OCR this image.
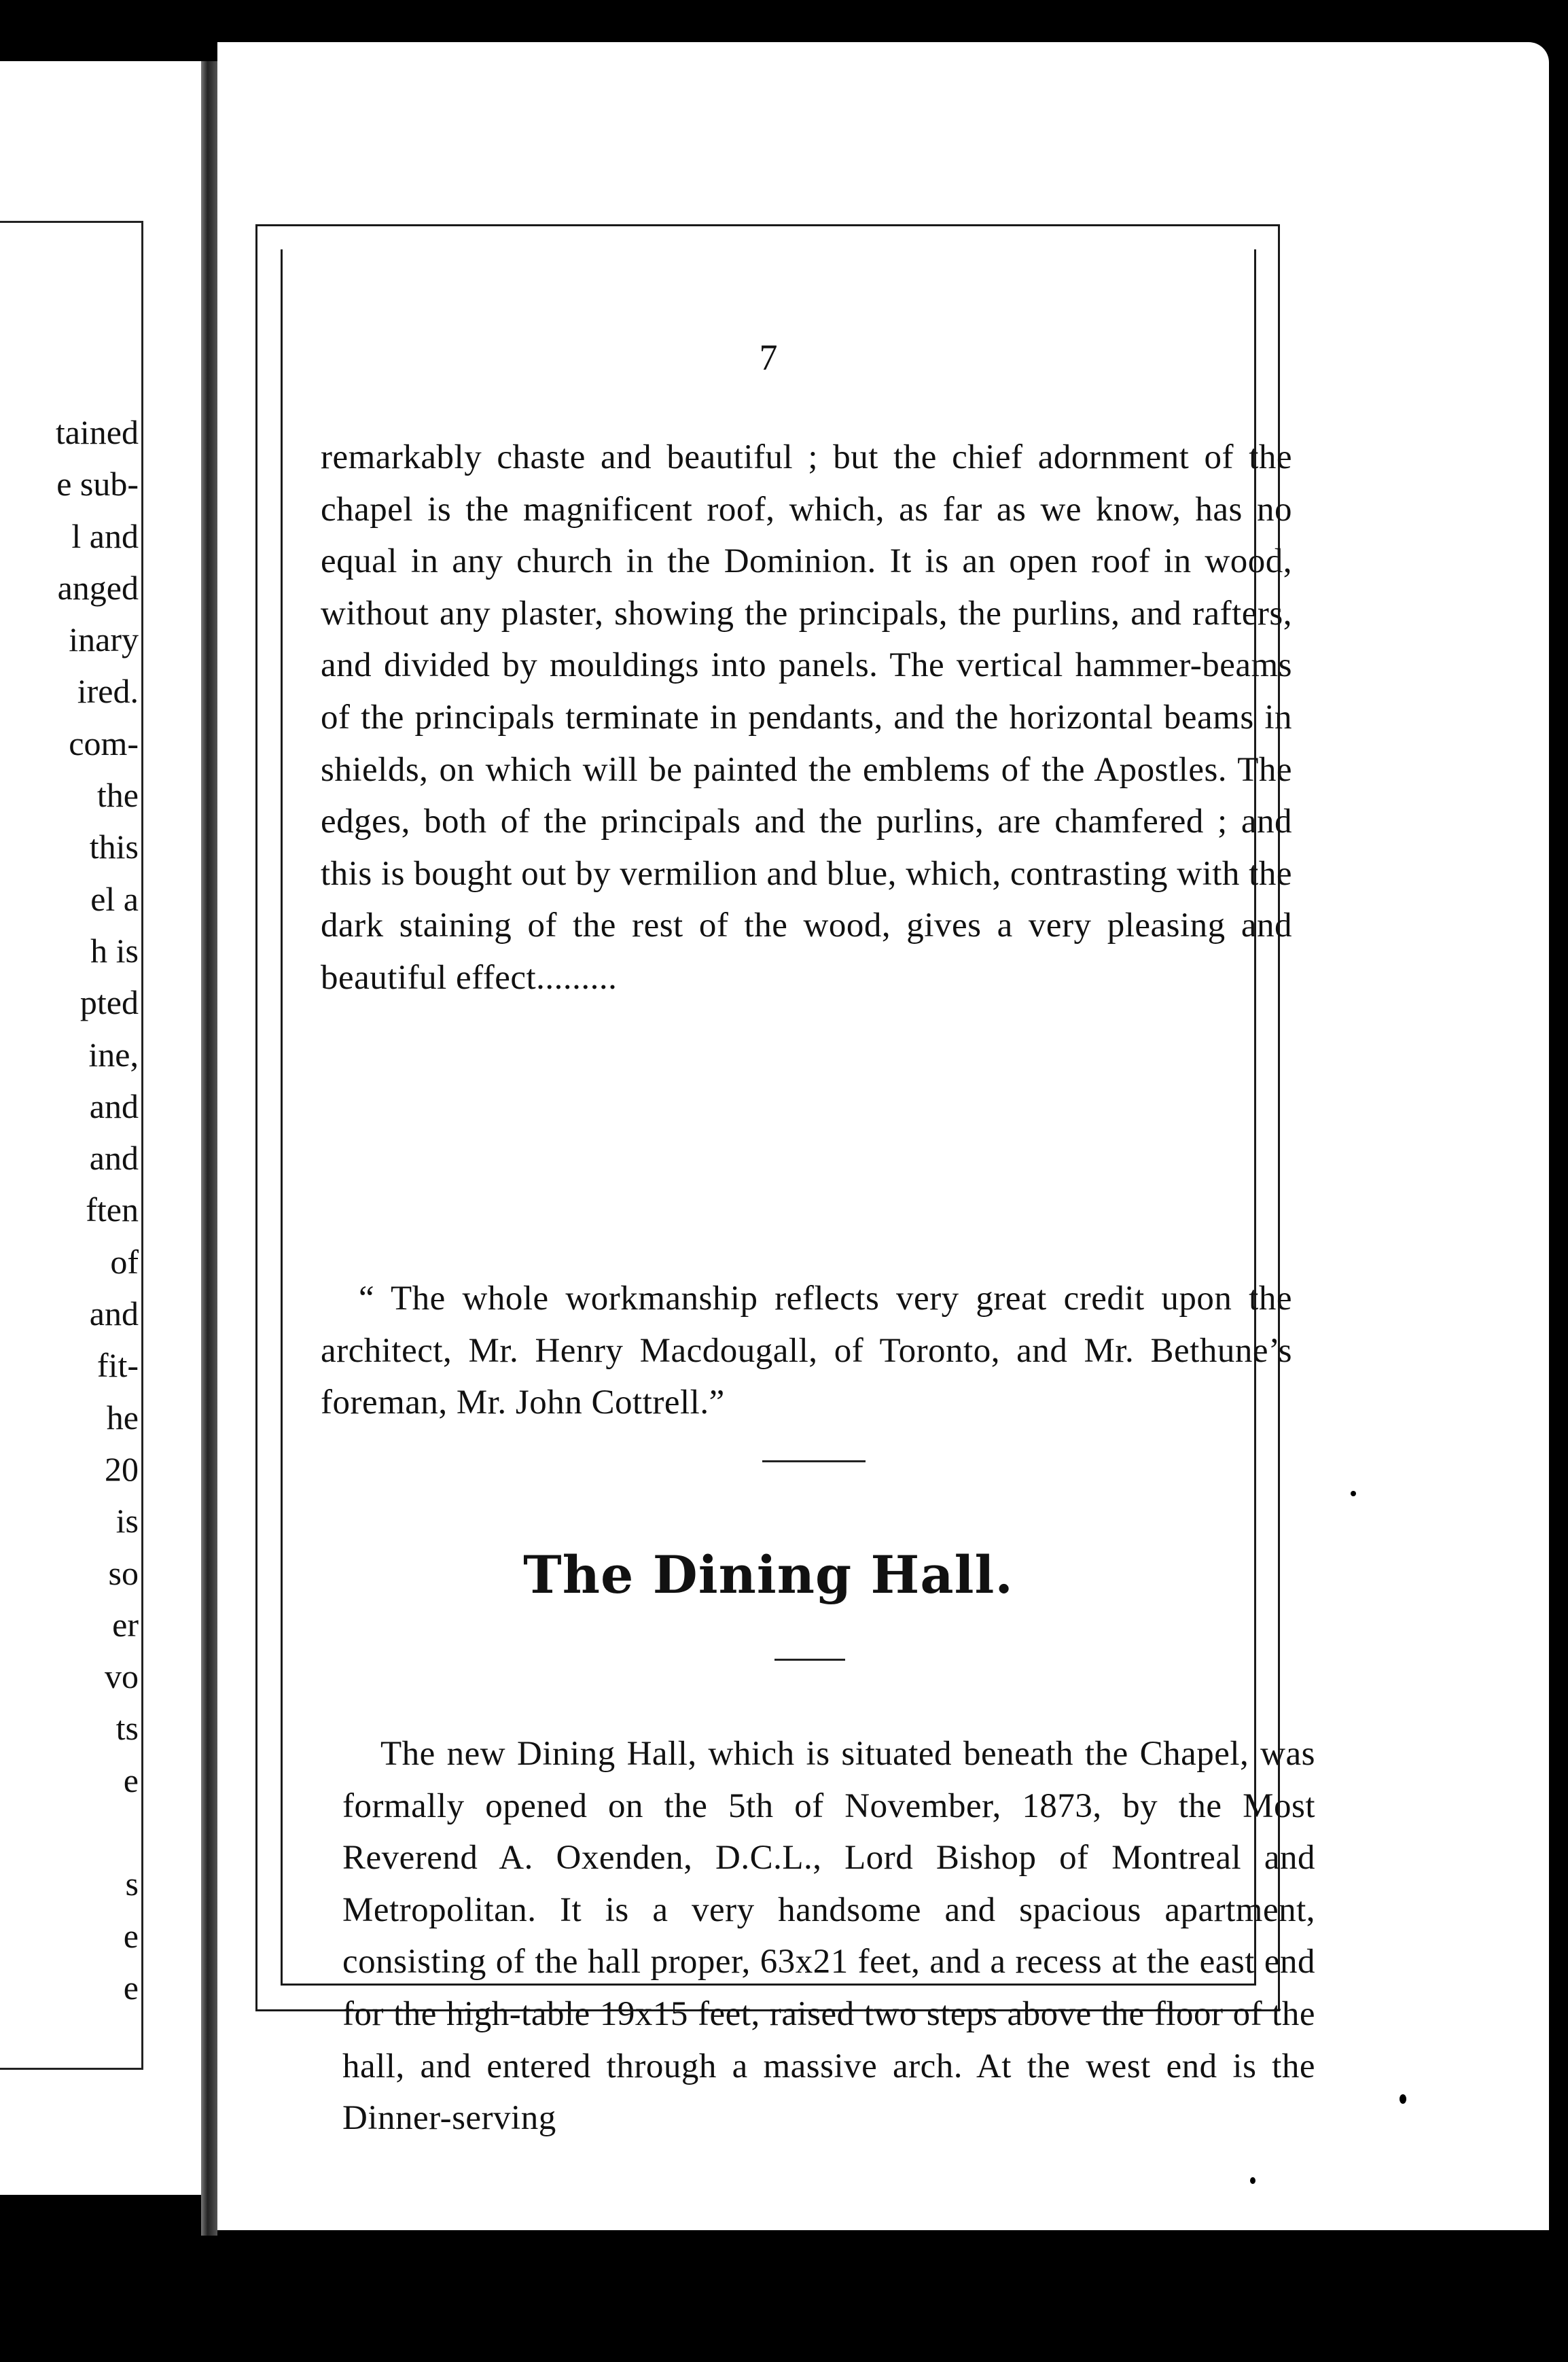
tained
e sub-
l and
anged
inary
ired.
com-
the
this
el a
h is
pted
ine,
and
and
ften
of
and
fit-
he
20
is
so
er
vo
ts
e

s
e
e
7

remarkably chaste and beautiful ; but the chief adornment of the chapel is the magnificent roof, which, as far as we know, has no equal in any church in the Dominion. It is an open roof in wood, without any plaster, showing the principals, the purlins, and rafters, and divided by mouldings into panels. The vertical hammer-beams of the principals terminate in pendants, and the horizontal beams in shields, on which will be painted the emblems of the Apostles. The edges, both of the principals and the purlins, are chamfered ; and this is bought out by vermilion and blue, which, contrasting with the dark staining of the rest of the wood, gives a very pleasing and beautiful effect.........

“ The whole workmanship reflects very great credit upon the architect, Mr. Henry Macdougall, of Toronto, and Mr. Bethune’s foreman, Mr. John Cottrell.”

The Dining Hall.

The new Dining Hall, which is situated beneath the Chapel, was formally opened on the 5th of November, 1873, by the Most Reverend A. Oxenden, D.C.L., Lord Bishop of Montreal and Metropolitan. It is a very handsome and spacious apartment, consisting of the hall proper, 63x21 feet, and a recess at the east end for the high-table 19x15 feet, raised two steps above the floor of the hall, and entered through a massive arch. At the west end is the Dinner-serving
